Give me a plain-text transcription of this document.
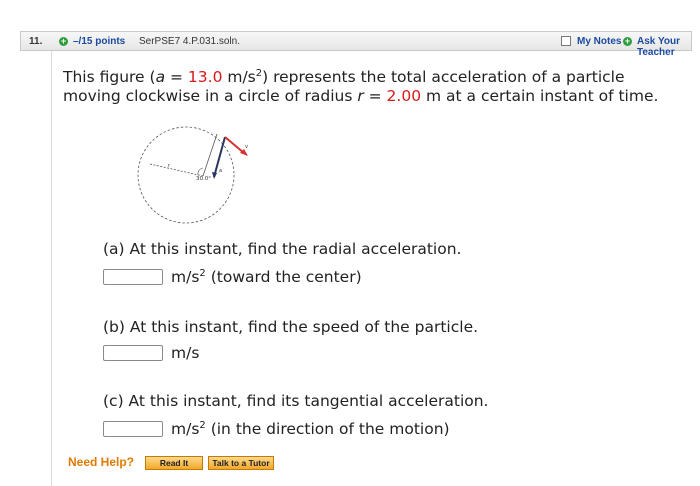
11. + –/15 points SerPSE7 4.P.031.soln.	My Notes + Ask Your Teacher
This figure (a = 13.0 $m/s^2$) represents the total acceleration of a particle
moving clockwise in a circle of radius r = 2.00 m at a certain instant of time.
r
a
v
30.0°
(a) At this instant, find the radial acceleration.
$m/s^2$ (toward the center)
(b) At this instant, find the speed of the particle.
m/s
(c) At this instant, find its tangential acceleration.
$m/s^2$ (in the direction of the motion)
Need Help?	Read It	Talk to a Tutor
